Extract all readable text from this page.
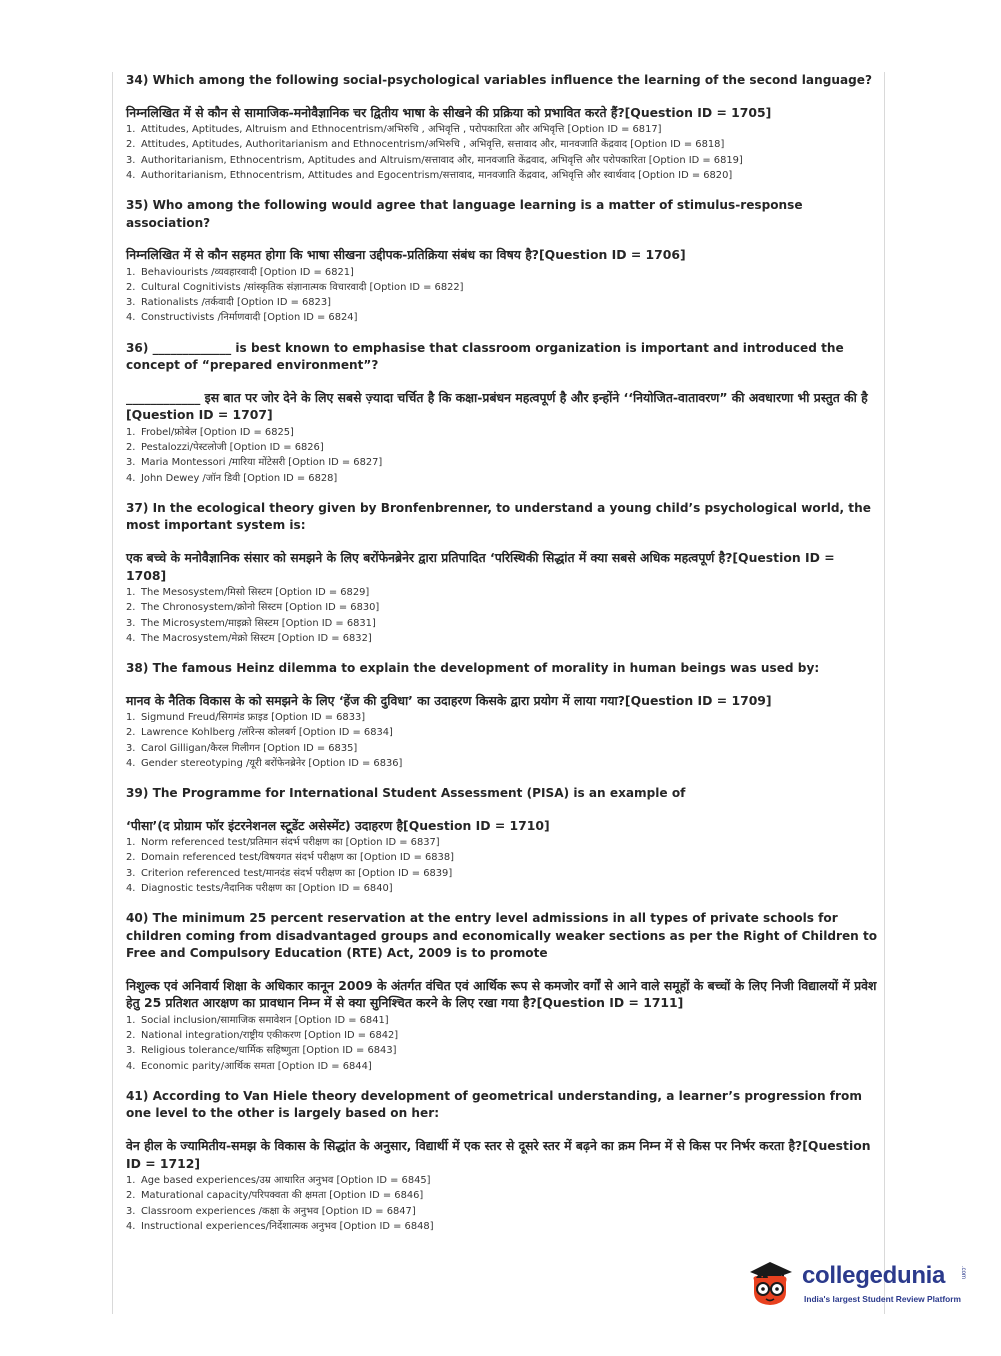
34) Which among the following social-psychological variables influence the learning of the second language?

निम्नलिखित में से कौन से सामाजिक-मनोवैज्ञानिक चर द्वितीय भाषा के सीखने की प्रक्रिया को प्रभावित करते हैं?[Question ID = 1705]

1. Attitudes, Aptitudes, Altruism and Ethnocentrism/अभिरुचि , अभिवृत्ति , परोपकारिता और अभिवृत्ति [Option ID = 6817]
2. Attitudes, Aptitudes, Authoritarianism and Ethnocentrism/अभिरुचि , अभिवृत्ति, सत्तावाद और, मानवजाति केंद्रवाद [Option ID = 6818]
3. Authoritarianism, Ethnocentrism, Aptitudes and Altruism/सत्तावाद और, मानवजाति केंद्रवाद, अभिवृत्ति और परोपकारिता [Option ID = 6819]
4. Authoritarianism, Ethnocentrism, Attitudes and Egocentrism/सत्तावाद, मानवजाति केंद्रवाद, अभिवृत्ति और स्वार्थवाद [Option ID = 6820]

35) Who among the following would agree that language learning is a matter of stimulus-response association?

निम्नलिखित में से कौन सहमत होगा कि भाषा सीखना उद्दीपक-प्रतिक्रिया संबंध का विषय है?[Question ID = 1706]

1. Behaviourists /व्यवहारवादी [Option ID = 6821]
2. Cultural Cognitivists /सांस्कृतिक संज्ञानात्मक विचारवादी [Option ID = 6822]
3. Rationalists /तर्कवादी [Option ID = 6823]
4. Constructivists /निर्माणवादी [Option ID = 6824]

36) _____________ is best known to emphasise that classroom organization is important and introduced the concept of “prepared environment”?

____________ इस बात पर जोर देने के लिए सबसे ज़्यादा चर्चित है कि कक्षा-प्रबंधन महत्वपूर्ण है और इन्होंने ‘‘नियोजित-वातावरण” की अवधारणा भी प्रस्तुत की है [Question ID = 1707]

1. Frobel/फ्रोबेल [Option ID = 6825]
2. Pestalozzi/पेस्टलोजी [Option ID = 6826]
3. Maria Montessori /मारिया मोंटेसरी [Option ID = 6827]
4. John Dewey /जॉन डिवी [Option ID = 6828]

37) In the ecological theory given by Bronfenbrenner, to understand a young child’s psychological world, the most important system is:

एक बच्चे के मनोवैज्ञानिक संसार को समझने के लिए बरोंफेनब्रेनेर द्वारा प्रतिपादित ‘परिस्थिकी सिद्धांत में क्या सबसे अधिक महत्वपूर्ण है?[Question ID = 1708]

1. The Mesosystem/मिसो सिस्टम [Option ID = 6829]
2. The Chronosystem/क्रोनो सिस्टम [Option ID = 6830]
3. The Microsystem/माइक्रो सिस्टम [Option ID = 6831]
4. The Macrosystem/मेक्रो सिस्टम [Option ID = 6832]

38) The famous Heinz dilemma to explain the development of morality in human beings was used by:

मानव के नैतिक विकास के को समझने के लिए ‘हेंज की दुविधा’ का उदाहरण किसके द्वारा प्रयोग में लाया गया?[Question ID = 1709]

1. Sigmund Freud/सिगमंड फ्राइड [Option ID = 6833]
2. Lawrence Kohlberg /लॉरेन्स कोलबर्ग [Option ID = 6834]
3. Carol Gilligan/कैरल गिलीगन [Option ID = 6835]
4. Gender stereotyping /यूरी बरोंफेनब्रेनेर [Option ID = 6836]

39) The Programme for International Student Assessment (PISA) is an example of

‘पीसा’(द प्रोग्राम फॉर इंटरनेशनल स्टूडेंट असेस्मेंट) उदाहरण है[Question ID = 1710]

1. Norm referenced test/प्रतिमान संदर्भ परीक्षण का [Option ID = 6837]
2. Domain referenced test/विषयगत संदर्भ परीक्षण का [Option ID = 6838]
3. Criterion referenced test/मानदंड संदर्भ परीक्षण का [Option ID = 6839]
4. Diagnostic tests/नैदानिक परीक्षण का [Option ID = 6840]

40) The minimum 25 percent reservation at the entry level admissions in all types of private schools for children coming from disadvantaged groups and economically weaker sections as per the Right of Children to Free and Compulsory Education (RTE) Act, 2009 is to promote

निशुल्क एवं अनिवार्य शिक्षा के अधिकार कानून 2009 के अंतर्गत वंचित एवं आर्थिक रूप से कमजोर वर्गों से आने वाले समूहों के बच्चों के लिए निजी विद्यालयों में प्रवेश हेतु 25 प्रतिशत आरक्षण का प्रावधान निम्न में से क्या सुनिश्चित करने के लिए रखा गया है?[Question ID = 1711]

1. Social inclusion/सामाजिक समावेशन [Option ID = 6841]
2. National integration/राष्ट्रीय एकीकरण [Option ID = 6842]
3. Religious tolerance/धार्मिक सहिष्णुता [Option ID = 6843]
4. Economic parity/आर्थिक समता [Option ID = 6844]

41) According to Van Hiele theory development of geometrical understanding, a learner’s progression from one level to the other is largely based on her:

वेन हील के ज्यामितीय-समझ के विकास के सिद्धांत के अनुसार, विद्यार्थी में एक स्तर से दूसरे स्तर में बढ़ने का क्रम निम्न में से किस पर निर्भर करता है?[Question ID = 1712]

1. Age based experiences/उम्र आधारित अनुभव [Option ID = 6845]
2. Maturational capacity/परिपक्वता की क्षमता [Option ID = 6846]
3. Classroom experiences /कक्षा के अनुभव [Option ID = 6847]
4. Instructional experiences/निर्देशात्मक अनुभव [Option ID = 6848]
collegedunia .com
India's largest Student Review Platform
